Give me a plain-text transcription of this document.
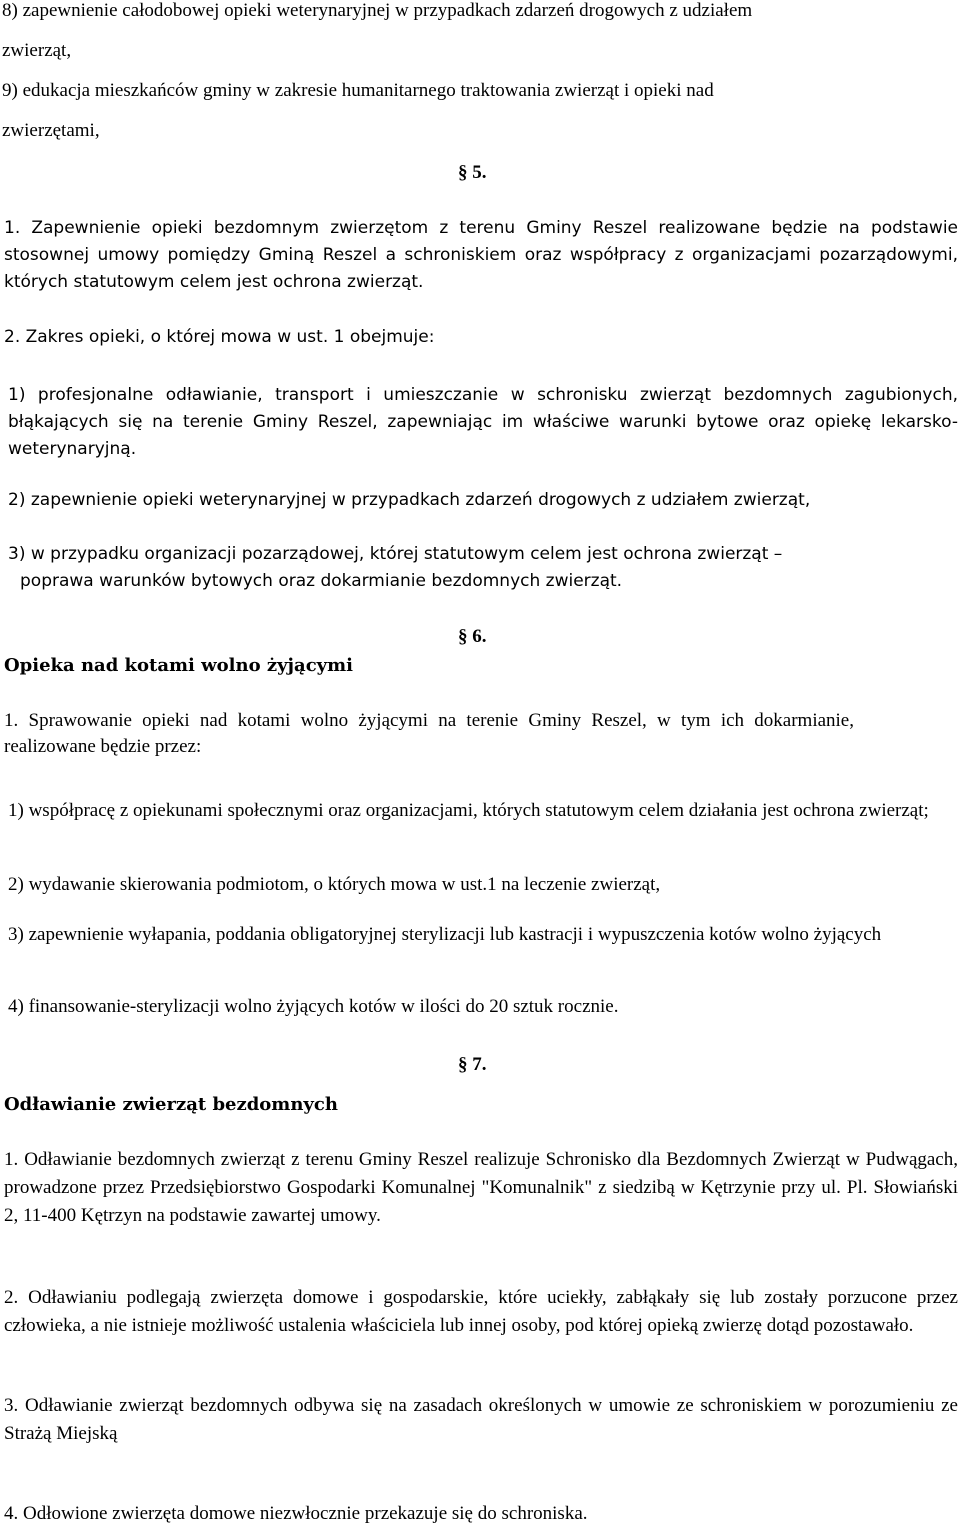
8) zapewnienie całodobowej opieki weterynaryjnej w przypadkach zdarzeń drogowych z udziałem
zwierząt,
9) edukacja mieszkańców gminy w zakresie humanitarnego traktowania zwierząt i opieki nad
zwierzętami,
§ 5.
1. Zapewnienie opieki bezdomnym zwierzętom z terenu Gminy Reszel realizowane będzie na podstawie stosownej umowy pomiędzy Gminą Reszel a schroniskiem oraz współpracy z organizacjami pozarządowymi, których statutowym celem jest ochrona zwierząt.
2. Zakres opieki, o której mowa w ust. 1 obejmuje:
1) profesjonalne odławianie, transport i umieszczanie w schronisku zwierząt bezdomnych zagubionych, błąkających się na terenie Gminy Reszel, zapewniając im właściwe warunki bytowe oraz opiekę lekarsko-weterynaryjną.
2) zapewnienie opieki weterynaryjnej w przypadkach zdarzeń drogowych z udziałem zwierząt,
3) w przypadku organizacji pozarządowej, której statutowym celem jest ochrona zwierząt –
poprawa warunków bytowych oraz dokarmianie bezdomnych zwierząt.
§ 6.
Opieka nad kotami wolno żyjącymi
1. Sprawowanie opieki nad kotami wolno żyjącymi na terenie Gminy Reszel, w tym ich dokarmianie, realizowane będzie przez:
1) współpracę z opiekunami społecznymi oraz organizacjami, których statutowym celem działania jest ochrona zwierząt;
2) wydawanie skierowania podmiotom, o których mowa w ust.1 na leczenie zwierząt,
3) zapewnienie wyłapania, poddania obligatoryjnej sterylizacji lub kastracji i wypuszczenia kotów wolno żyjących
4) finansowanie-sterylizacji wolno żyjących kotów w ilości do 20 sztuk rocznie.
§ 7.
Odławianie zwierząt bezdomnych
1. Odławianie bezdomnych zwierząt z terenu Gminy Reszel realizuje Schronisko dla Bezdomnych Zwierząt w Pudwągach, prowadzone przez Przedsiębiorstwo Gospodarki Komunalnej "Komunalnik" z siedzibą w Kętrzynie przy ul. Pl. Słowiański 2, 11-400 Kętrzyn na podstawie zawartej umowy.
2. Odławianiu podlegają zwierzęta domowe i gospodarskie, które uciekły, zabłąkały się lub zostały porzucone przez człowieka, a nie istnieje możliwość ustalenia właściciela lub innej osoby, pod której opieką zwierzę dotąd pozostawało.
3. Odławianie zwierząt bezdomnych odbywa się na zasadach określonych w umowie ze schroniskiem w porozumieniu ze Strażą Miejską
4. Odłowione zwierzęta domowe niezwłocznie przekazuje się do schroniska.
